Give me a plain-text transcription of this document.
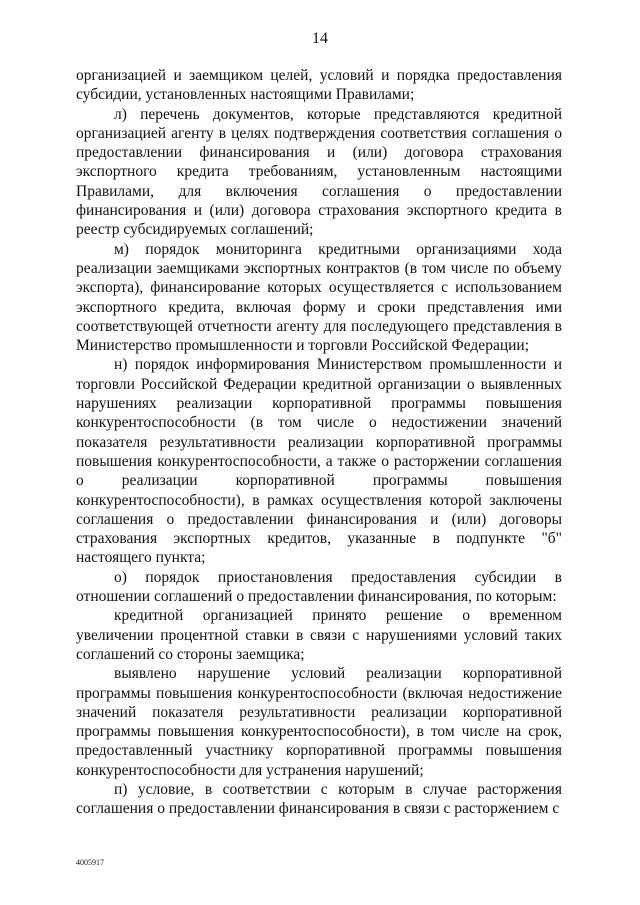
14

организацией и заемщиком целей, условий и порядка предоставления субсидии, установленных настоящими Правилами;

л) перечень документов, которые представляются кредитной организацией агенту в целях подтверждения соответствия соглашения о предоставлении финансирования и (или) договора страхования экспортного кредита требованиям, установленным настоящими Правилами, для включения соглашения о предоставлении финансирования и (или) договора страхования экспортного кредита в реестр субсидируемых соглашений;

м) порядок мониторинга кредитными организациями хода реализации заемщиками экспортных контрактов (в том числе по объему экспорта), финансирование которых осуществляется с использованием экспортного кредита, включая форму и сроки представления ими соответствующей отчетности агенту для последующего представления в Министерство промышленности и торговли Российской Федерации;

н) порядок информирования Министерством промышленности и торговли Российской Федерации кредитной организации о выявленных нарушениях реализации корпоративной программы повышения конкурентоспособности (в том числе о недостижении значений показателя результативности реализации корпоративной программы повышения конкурентоспособности, а также о расторжении соглашения о реализации корпоративной программы повышения конкурентоспособности), в рамках осуществления которой заключены соглашения о предоставлении финансирования и (или) договоры страхования экспортных кредитов, указанные в подпункте "б" настоящего пункта;

о) порядок приостановления предоставления субсидии в отношении соглашений о предоставлении финансирования, по которым:

кредитной организацией принято решение о временном увеличении процентной ставки в связи с нарушениями условий таких соглашений со стороны заемщика;

выявлено нарушение условий реализации корпоративной программы повышения конкурентоспособности (включая недостижение значений показателя результативности реализации корпоративной программы повышения конкурентоспособности), в том числе на срок, предоставленный участнику корпоративной программы повышения конкурентоспособности для устранения нарушений;

п) условие, в соответствии с которым в случае расторжения соглашения о предоставлении финансирования в связи с расторжением с

4005917
